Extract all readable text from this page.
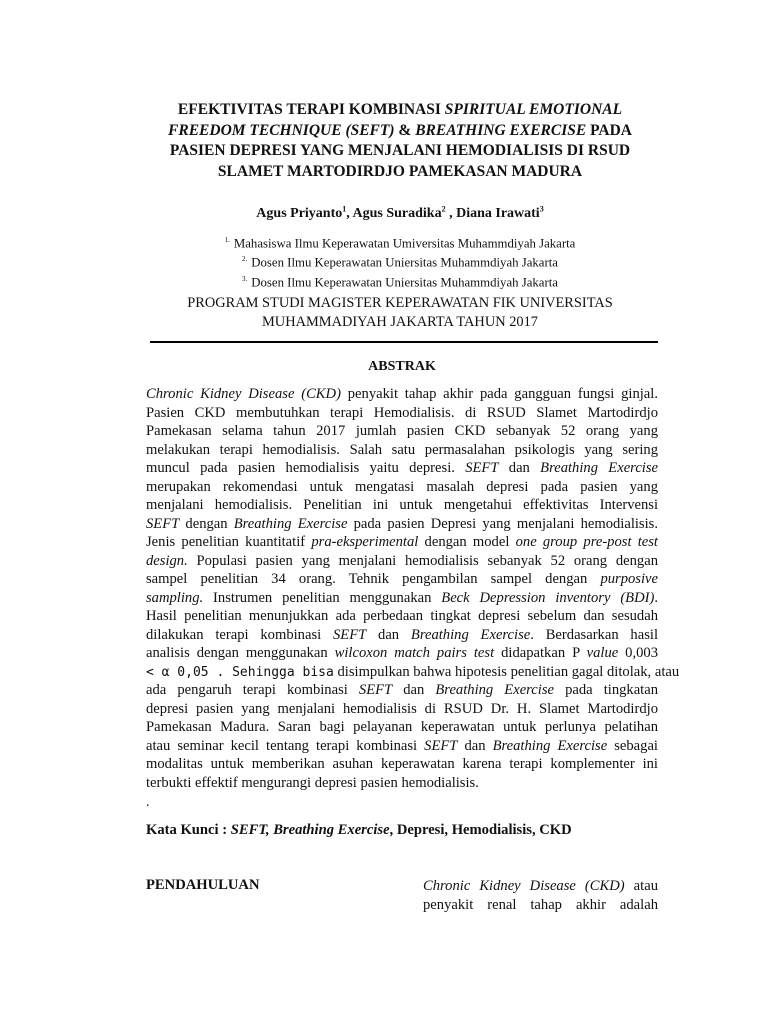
EFEKTIVITAS TERAPI KOMBINASI SPIRITUAL EMOTIONAL
FREEDOM TECHNIQUE (SEFT) & BREATHING EXERCISE PADA
PASIEN DEPRESI YANG MENJALANI HEMODIALISIS DI RSUD
SLAMET MARTODIRDJO PAMEKASAN MADURA
Agus Priyanto$^1$, Agus Suradika$^2$ , Diana Irawati$^3$
$^{1.}$ Mahasiswa Ilmu Keperawatan Umiversitas Muhammdiyah Jakarta
$^{2.}$ Dosen Ilmu Keperawatan Uniersitas Muhammdiyah Jakarta
$^{3.}$ Dosen Ilmu Keperawatan Uniersitas Muhammdiyah Jakarta
PROGRAM STUDI MAGISTER KEPERAWATAN FIK UNIVERSITAS
MUHAMMADIYAH JAKARTA TAHUN 2017
ABSTRAK
Chronic Kidney Disease (CKD) penyakit tahap akhir pada gangguan fungsi ginjal.
Pasien CKD membutuhkan terapi Hemodialisis. di RSUD Slamet Martodirdjo
Pamekasan selama tahun 2017 jumlah pasien CKD sebanyak 52 orang yang
melakukan terapi hemodialisis. Salah satu permasalahan psikologis yang sering
muncul pada pasien hemodialisis yaitu depresi. SEFT dan Breathing Exercise
merupakan rekomendasi untuk mengatasi masalah depresi pada pasien yang
menjalani hemodialisis. Penelitian ini untuk mengetahui effektivitas Intervensi
SEFT dengan Breathing Exercise pada pasien Depresi yang menjalani hemodialisis.
Jenis penelitian kuantitatif pra-eksperimental dengan model one group pre-post test
design. Populasi pasien yang menjalani hemodialisis sebanyak 52 orang dengan
sampel penelitian 34 orang. Tehnik pengambilan sampel dengan purposive
sampling. Instrumen penelitian menggunakan Beck Depression inventory (BDI).
Hasil penelitian menunjukkan ada perbedaan tingkat depresi sebelum dan sesudah
dilakukan terapi kombinasi SEFT dan Breathing Exercise. Berdasarkan hasil
analisis dengan menggunakan wilcoxon match pairs test didapatkan P value 0,003
< α 0,05 . Sehingga bisa disimpulkan bahwa hipotesis penelitian gagal ditolak, atau
ada pengaruh terapi kombinasi SEFT dan Breathing Exercise pada tingkatan
depresi pasien yang menjalani hemodialisis di RSUD Dr. H. Slamet Martodirdjo
Pamekasan Madura. Saran bagi pelayanan keperawatan untuk perlunya pelatihan
atau seminar kecil tentang terapi kombinasi SEFT dan Breathing Exercise sebagai
modalitas untuk memberikan asuhan keperawatan karena terapi komplementer ini
terbukti effektif mengurangi depresi pasien hemodialisis.
.
Kata Kunci : SEFT, Breathing Exercise, Depresi, Hemodialisis, CKD
PENDAHULUAN	Chronic Kidney Disease (CKD) atau
penyakit renal tahap akhir adalah
